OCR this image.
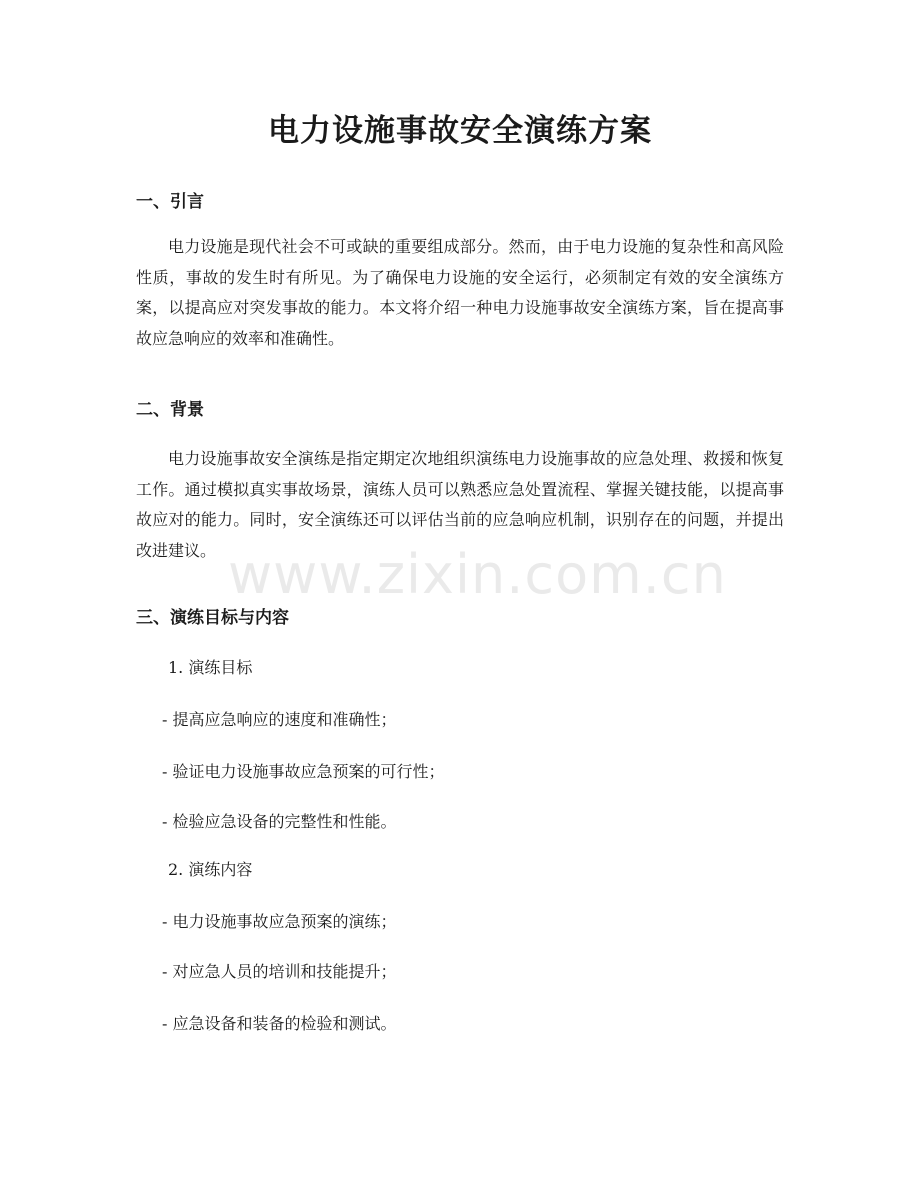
电力设施事故安全演练方案
一、引言

电力设施是现代社会不可或缺的重要组成部分。然而，由于电力设施的复杂性和高风险性质，事故的发生时有所见。为了确保电力设施的安全运行，必须制定有效的安全演练方案，以提高应对突发事故的能力。本文将介绍一种电力设施事故安全演练方案，旨在提高事故应急响应的效率和准确性。

二、背景

电力设施事故安全演练是指定期定次地组织演练电力设施事故的应急处理、救援和恢复工作。通过模拟真实事故场景，演练人员可以熟悉应急处置流程、掌握关键技能，以提高事故应对的能力。同时，安全演练还可以评估当前的应急响应机制，识别存在的问题，并提出改进建议。

三、演练目标与内容

1. 演练目标

- 提高应急响应的速度和准确性；

- 验证电力设施事故应急预案的可行性；

- 检验应急设备的完整性和性能。

2. 演练内容

- 电力设施事故应急预案的演练；

- 对应急人员的培训和技能提升；

- 应急设备和装备的检验和测试。

www.zixin.com.cn
